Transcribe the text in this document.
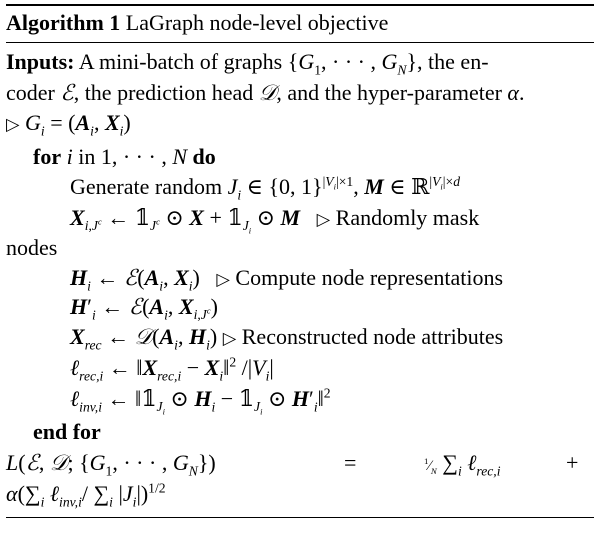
Algorithm 1 LaGraph node-level objective
Inputs: A mini-batch of graphs {$G_1$, · · · , $G_N$}, the en-
coder ℰ, the prediction head 𝒟, and the hyper-parameter α.
▷ $G_i = (A_i$, $X_i$)
for i in 1, · · · , N do
Generate random $J_i$ ∈ {0, 1}$^{|V_i|\times 1}$, M ∈ ℝ$^{|V_i|\times d}$
$X_{i,J^c}$ ← $𝟙_{J^c}$ ⊙ $X + 𝟙_{J_i}$ ⊙ M ▷ Randomly mask
nodes
$H_i$ ← $ℰ(A_i$, $X_i$)   ▷ Compute node representations
$H'_i$ ← $ℰ(A_i$, $X_{i,J^c}$)
$X_{rec}$ ← $𝒟(A_i$, $H_i$) ▷ Reconstructed node attributes
ℓ$_{rec,i}$ ← $‖X_{rec,i}$ − $X_i‖^2$ $/|V_i|$
ℓ$_{inv,i}$ ← $‖𝟙_{J_i}$ ⊙ $H_i$ − $𝟙_{J_i}$ ⊙ $H'_i‖^2$
end for
L(ℰ, 𝒟; {$G_1$, · · · , $G_N$})	=	$^1⁄_N$ $\sum_i$ ℓ$_{rec,i}$	+
$\alpha(\sum_i$ ℓ$_{inv,i}$/ $\sum_i$ $|J_i|)^{1/2}$
